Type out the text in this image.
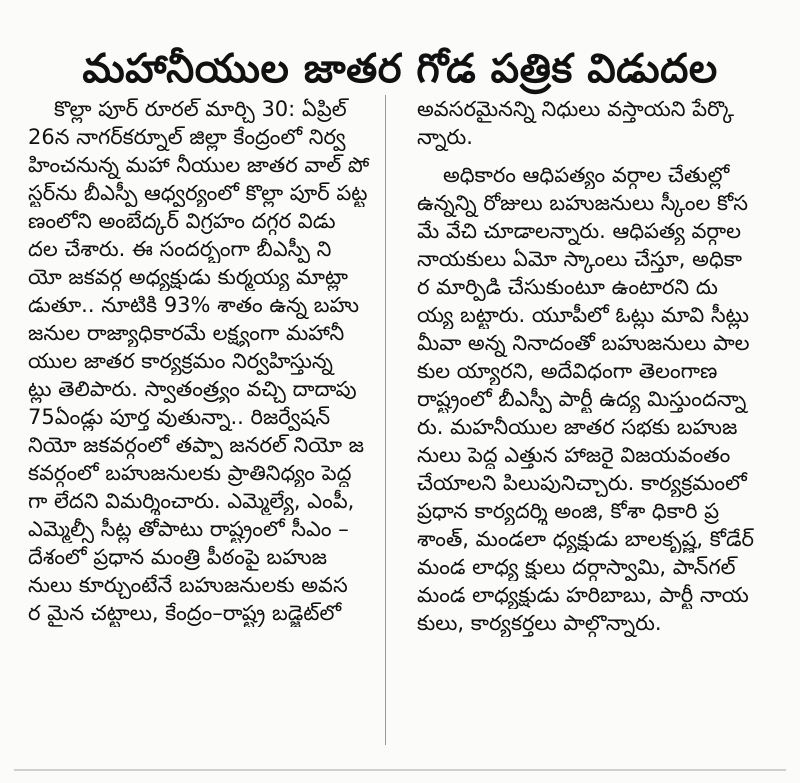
మహానీయుల జాతర గోడ పత్రిక విడుదల
కొల్లా పూర్ రూరల్ మార్చి 30: ఏప్రిల్
26న నాగర్‌కర్నూల్ జిల్లా కేంద్రంలో నిర్వ
హించనున్న మహా నీయుల జాతర వాల్ పో
స్టర్‌ను బీఎస్పీ ఆధ్వర్యంలో కొల్లా పూర్ పట్ట
ణంలోని అంబేద్కర్ విగ్రహం దగ్గర విడు
దల చేశారు. ఈ సందర్భంగా బీఎస్పీ ని
యో జకవర్గ అధ్యక్షుడు కుర్మయ్య మాట్లా
డుతూ.. నూటికి 93% శాతం ఉన్న బహు
జనుల రాజ్యాధికారమే లక్ష్యంగా మహానీ
యుల జాతర కార్యక్రమం నిర్వహిస్తున్న
ట్లు తెలిపారు. స్వాతంత్ర్యం వచ్చి దాదాపు
75ఏండ్లు పూర్త వుతున్నా.. రిజర్వేషన్
నియో జకవర్గంలో తప్పా జనరల్ నియో జ
కవర్గంలో బహుజనులకు ప్రాతినిధ్యం పెద్ద
గా లేదని విమర్శించారు. ఎమ్మెల్యే, ఎంపీ,
ఎమ్మెల్సీ సీట్ల తోపాటు రాష్ట్రంలో సీఎం –
దేశంలో ప్రధాన మంత్రి పీఠంపై బహుజ
నులు కూర్చుంటేనే బహుజనులకు అవస
ర మైన చట్టాలు, కేంద్రం–రాష్ట్ర బడ్జెట్‌లో
అవసరమైనన్ని నిధులు వస్తాయని పేర్కొ
న్నారు.
అధికారం ఆధిపత్యం వర్గాల చేతుల్లో
ఉన్నన్ని రోజులు బహుజనులు స్కీంల కోస
మే వేచి చూడాలన్నారు. ఆధిపత్య వర్గాల
నాయకులు ఏమో స్కాంలు చేస్తూ, అధికా
ర మార్పిడి చేసుకుంటూ ఉంటారని దు
య్య బట్టారు. యూపీలో ఓట్లు మావి సీట్లు
మీవా అన్న నినాదంతో బహుజనులు పాల
కుల య్యారని, అదేవిధంగా తెలంగాణ
రాష్ట్రంలో బీఎస్పీ పార్టీ ఉద్య మిస్తుందన్నా
రు. మహనీయుల జాతర సభకు బహుజ
నులు పెద్ద ఎత్తున హాజరై విజయవంతం
చేయాలని పిలుపునిచ్చారు. కార్యక్రమంలో
ప్రధాన కార్యదర్శి అంజి, కోశా ధికారి ప్ర
శాంత్, మండలా ధ్యక్షుడు బాలకృష్ణ, కోడేర్
మండ లాధ్య క్షులు దర్గాస్వామి, పాన్‌గల్
మండ లాధ్యక్షుడు హరిబాబు, పార్టీ నాయ
కులు, కార్యకర్తలు పాల్గొన్నారు.
